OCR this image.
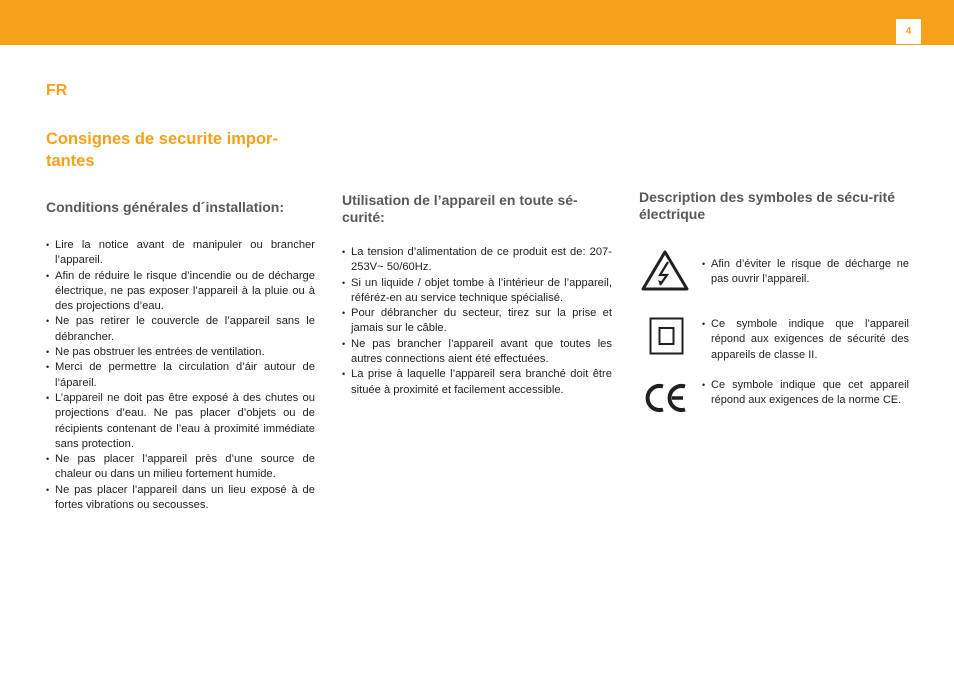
4
FR
Consignes de securite impor-tantes
Conditions générales d´installation:
• Lire la notice avant de manipuler ou brancher l’appareil.
• Afin de réduire le risque d’incendie ou de décharge électrique, ne pas exposer l’appareil à la pluie ou à des projections d’eau.
• Ne pas retirer le couvercle de l’appareil sans le débrancher.
• Ne pas obstruer les entrées de ventilation.
• Merci de permettre la circulation d’áir autour de l’ápareil.
• L’appareil ne doit pas être exposé à des chutes ou projections d’eau. Ne pas placer d’objets ou de récipients contenant de l’eau à proximité immédiate sans protection.
• Ne pas placer l’appareil près d’une source de chaleur ou dans un milieu fortement humide.
• Ne pas placer l’appareil dans un lieu exposé à de fortes vibrations ou secousses.
Utilisation de l’appareil en toute sé-curité:
• La tension d’alimentation de ce produit est de: 207-253V~ 50/60Hz.
• Si un liquide / objet tombe à l’intérieur de l’appareil, référéz-en au service technique spécialisé.
• Pour débrancher du secteur, tirez sur la prise et jamais sur le câble.
• Ne pas brancher l’appareil avant que toutes les autres connections aient été effectuées.
• La prise à laquelle l’appareil sera branché doit être située à proximité et facilement accessible.
Description des symboles de sécu-rité électrique
• Afin d’éviter le risque de décharge ne pas ouvrir l’appareil.
• Ce symbole indique que l’appareil répond aux exigences de sécurité des appareils de classe II.
• Ce symbole indique que cet appareil répond aux exigences de la norme CE.
